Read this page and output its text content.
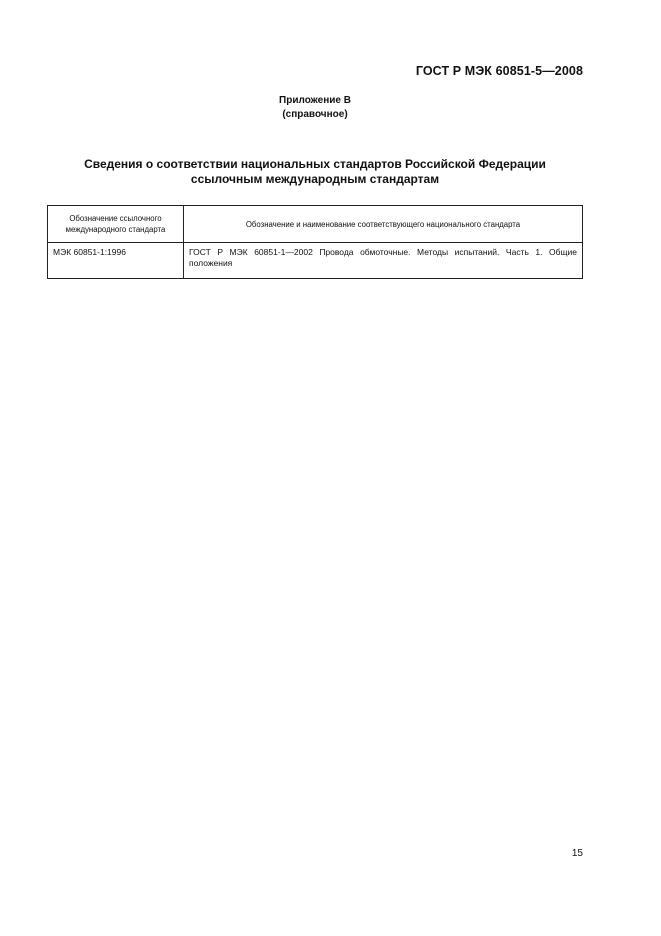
ГОСТ Р МЭК 60851-5—2008
Приложение В
(справочное)
Сведения о соответствии национальных стандартов Российской Федерации
ссылочным международным стандартам
Обозначение ссылочного международного стандарта	Обозначение и наименование соответствующего национального стандарта
МЭК 60851-1:1996	ГОСТ Р МЭК 60851-1—2002 Провода обмоточные. Методы испытаний. Часть 1. Общие положения
15
